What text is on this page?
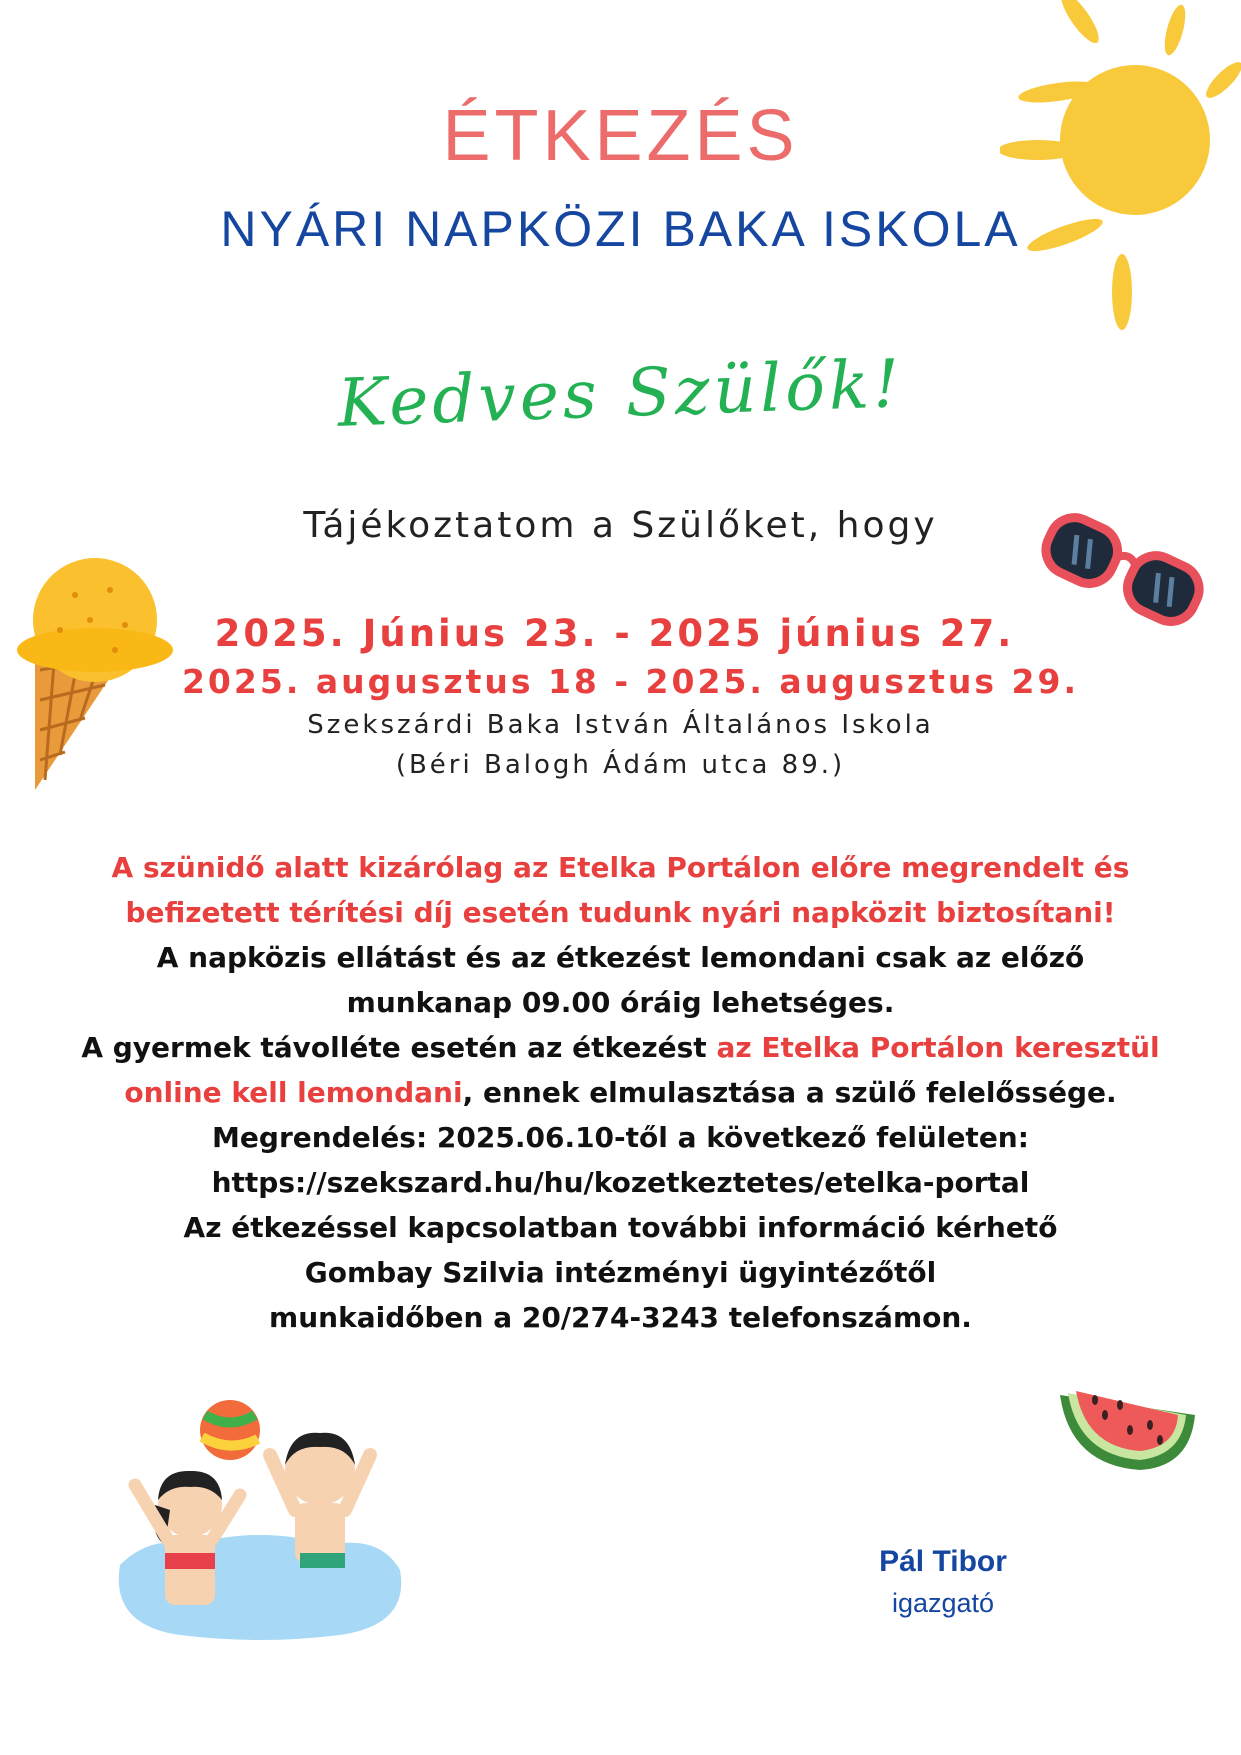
ÉTKEZÉS
NYÁRI NAPKÖZI BAKA ISKOLA
Kedves Szülők!
Tájékoztatom a Szülőket, hogy
2025. Június 23. - 2025 június 27.
2025. augusztus 18 - 2025. augusztus 29.
Szekszárdi Baka István Általános Iskola
(Béri Balogh Ádám utca 89.)
A szünidő alatt kizárólag az Etelka Portálon előre megrendelt és
befizetett térítési díj esetén tudunk nyári napközit biztosítani!
A napközis ellátást és az étkezést lemondani csak az előző
munkanap 09.00 óráig lehetséges.
A gyermek távolléte esetén az étkezést az Etelka Portálon keresztül
online kell lemondani, ennek elmulasztása a szülő felelőssége.
Megrendelés: 2025.06.10-től a következő felületen:
https://szekszard.hu/hu/kozetkeztetes/etelka-portal
Az étkezéssel kapcsolatban további információ kérhető
Gombay Szilvia intézményi ügyintézőtől
munkaidőben a 20/274-3243 telefonszámon.
Pál Tibor
igazgató
